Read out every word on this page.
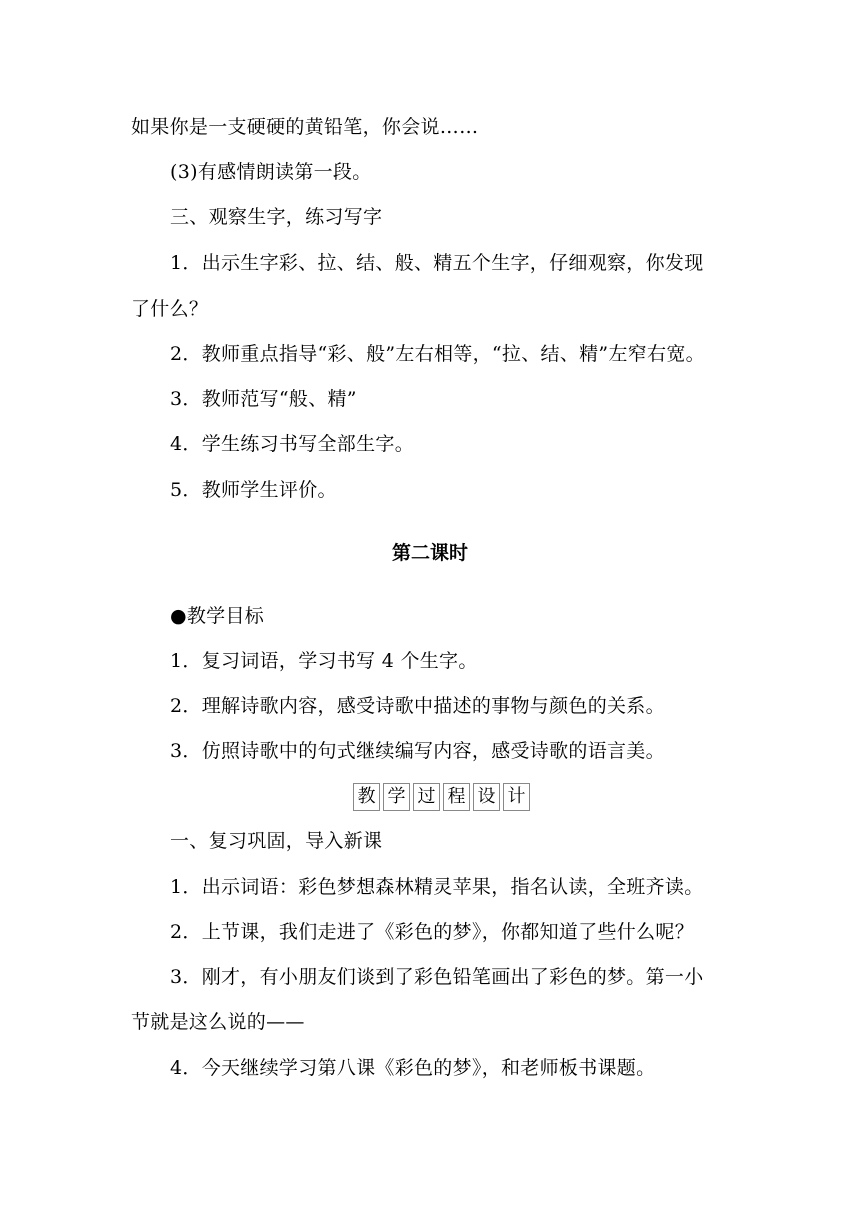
如果你是一支硬硬的黄铅笔，你会说……
(3)有感情朗读第一段。
三、观察生字，练习写字
1．出示生字彩、拉、结、般、精五个生字，仔细观察，你发现
了什么？
2．教师重点指导“彩、般”左右相等，“拉、结、精”左窄右宽。
3．教师范写“般、精”
4．学生练习书写全部生字。
5．教师学生评价。
第二课时
●教学目标
1．复习词语，学习书写 4 个生字。
2．理解诗歌内容，感受诗歌中描述的事物与颜色的关系。
3．仿照诗歌中的句式继续编写内容，感受诗歌的语言美。
教 学 过 程 设 计
一、复习巩固，导入新课
1．出示词语：彩色梦想森林精灵苹果，指名认读，全班齐读。
2．上节课，我们走进了《彩色的梦》，你都知道了些什么呢？
3．刚才，有小朋友们谈到了彩色铅笔画出了彩色的梦。第一小
节就是这么说的——
4．今天继续学习第八课《彩色的梦》，和老师板书课题。
